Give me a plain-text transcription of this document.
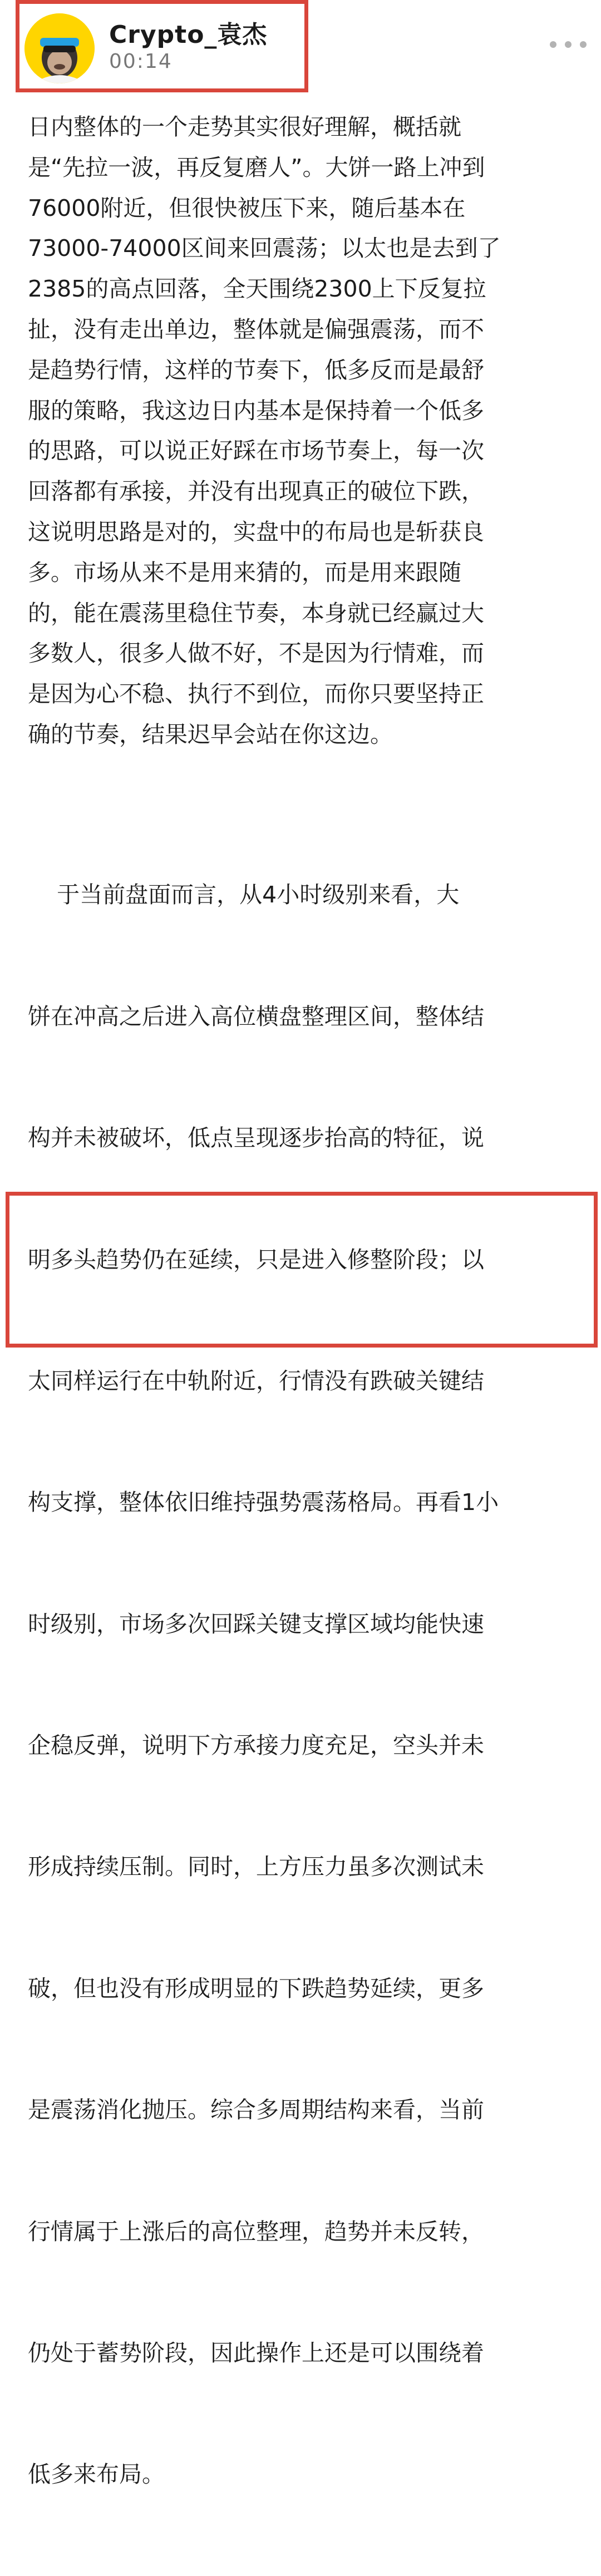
Crypto_袁杰
00:14
日内整体的一个走势其实很好理解，概括就
是“先拉一波，再反复磨人”。大饼一路上冲到
76000附近，但很快被压下来，随后基本在
73000-74000区间来回震荡；以太也是去到了
2385的高点回落，全天围绕2300上下反复拉
扯，没有走出单边，整体就是偏强震荡，而不
是趋势行情，这样的节奏下，低多反而是最舒
服的策略，我这边日内基本是保持着一个低多
的思路，可以说正好踩在市场节奏上，每一次
回落都有承接，并没有出现真正的破位下跌，
这说明思路是对的，实盘中的布局也是斩获良
多。市场从来不是用来猜的，而是用来跟随
的，能在震荡里稳住节奏，本身就已经赢过大
多数人，很多人做不好，不是因为行情难，而
是因为心不稳、执行不到位，而你只要坚持正
确的节奏，结果迟早会站在你这边。

于当前盘面而言，从4小时级别来看，大

饼在冲高之后进入高位横盘整理区间，整体结

构并未被破坏，低点呈现逐步抬高的特征，说

明多头趋势仍在延续，只是进入修整阶段；以

太同样运行在中轨附近，行情没有跌破关键结

构支撑，整体依旧维持强势震荡格局。再看1小

时级别，市场多次回踩关键支撑区域均能快速

企稳反弹，说明下方承接力度充足，空头并未

形成持续压制。同时，上方压力虽多次测试未

破，但也没有形成明显的下跌趋势延续，更多

是震荡消化抛压。综合多周期结构来看，当前

行情属于上涨后的高位整理，趋势并未反转，

仍处于蓄势阶段，因此操作上还是可以围绕着

低多来布局。
